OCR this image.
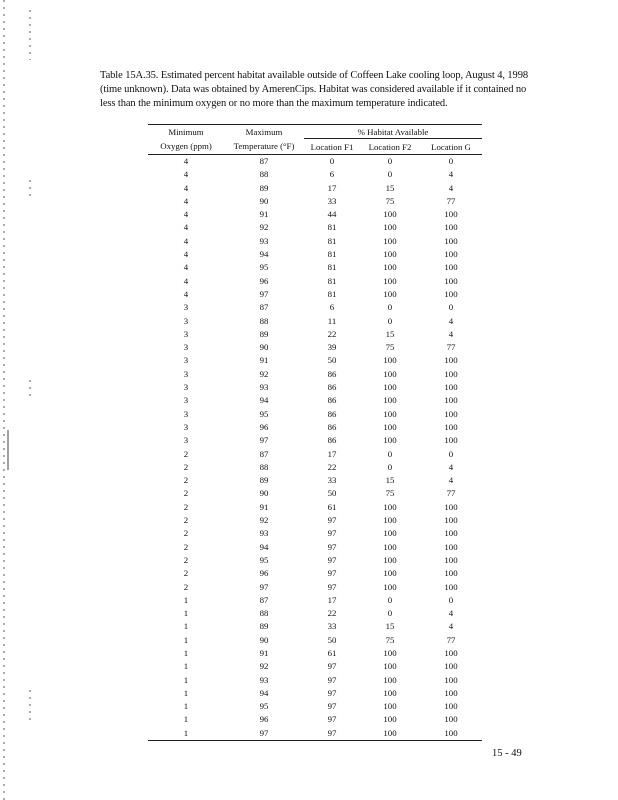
Table 15A.35. Estimated percent habitat available outside of Coffeen Lake cooling loop, August 4, 1998 (time unknown). Data was obtained by AmerenCips. Habitat was considered available if it contained no less than the minimum oxygen or no more than the maximum temperature indicated.
Minimum	Maximum	% Habitat Available		
Oxygen (ppm)	Temperature (°F)	Location F1	Location F2	Location G
4	87	0	0	0
4	88	6	0	4
4	89	17	15	4
4	90	33	75	77
4	91	44	100	100
4	92	81	100	100
4	93	81	100	100
4	94	81	100	100
4	95	81	100	100
4	96	81	100	100
4	97	81	100	100
3	87	6	0	0
3	88	11	0	4
3	89	22	15	4
3	90	39	75	77
3	91	50	100	100
3	92	86	100	100
3	93	86	100	100
3	94	86	100	100
3	95	86	100	100
3	96	86	100	100
3	97	86	100	100
2	87	17	0	0
2	88	22	0	4
2	89	33	15	4
2	90	50	75	77
2	91	61	100	100
2	92	97	100	100
2	93	97	100	100
2	94	97	100	100
2	95	97	100	100
2	96	97	100	100
2	97	97	100	100
1	87	17	0	0
1	88	22	0	4
1	89	33	15	4
1	90	50	75	77
1	91	61	100	100
1	92	97	100	100
1	93	97	100	100
1	94	97	100	100
1	95	97	100	100
1	96	97	100	100
1	97	97	100	100
15 - 49
